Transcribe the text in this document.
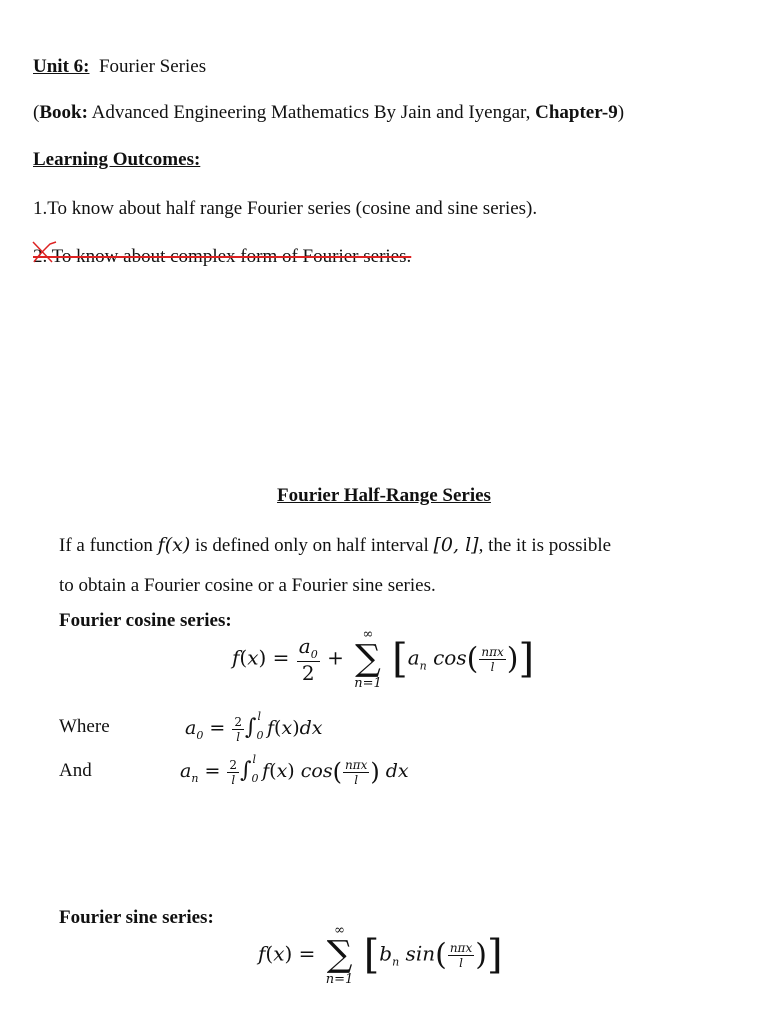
Unit 6: Fourier Series
(Book: Advanced Engineering Mathematics By Jain and Iyengar, Chapter-9)
Learning Outcomes:
1.To know about half range Fourier series (cosine and sine series).
2. To know about complex form of Fourier series.
Fourier Half-Range Series
If a function f(x) is defined only on half interval [0, l], the it is possible
to obtain a Fourier cosine or a Fourier sine series.
Fourier cosine series:
$f(x) = \frac{a_0}{2}$ +
∞
∑
n=1
[$a_n$ $\cos( \frac{\text{nπx}}{l}$ )]
Where	$a_0 = \frac{2}{l} \int_0^l$ f(x)dx
And	$a_n = \frac{2}{l} \int_0^l$ f(x) $\cos( \frac{\text{nπx}}{l}$ ) dx
Fourier sine series:
f(x) =
∞
∑
n=1
[$b_n$ $\sin( \frac{\text{nπx}}{l}$ )]
